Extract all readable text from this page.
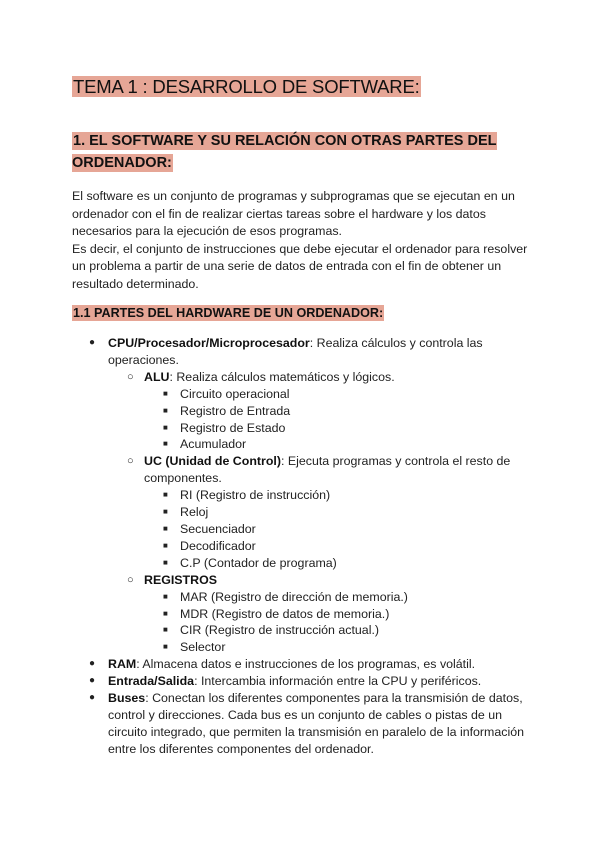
TEMA 1 : DESARROLLO DE SOFTWARE:
1. EL SOFTWARE Y SU RELACIÓN CON OTRAS PARTES DEL ORDENADOR:

El software es un conjunto de programas y subprogramas que se ejecutan en un ordenador con el fin de realizar ciertas tareas sobre el hardware y los datos necesarios para la ejecución de esos programas.

Es decir, el conjunto de instrucciones que debe ejecutar el ordenador para resolver un problema a partir de una serie de datos de entrada con el fin de obtener un resultado determinado.

1.1 PARTES DEL HARDWARE DE UN ORDENADOR:
● CPU/Procesador/Microprocesador: Realiza cálculos y controla las operaciones.
○ ALU: Realiza cálculos matemáticos y lógicos.
■ Circuito operacional
■ Registro de Entrada
■ Registro de Estado
■ Acumulador
○ UC (Unidad de Control): Ejecuta programas y controla el resto de componentes.
■ RI (Registro de instrucción)
■ Reloj
■ Secuenciador
■ Decodificador
■ C.P (Contador de programa)
○ REGISTROS
■ MAR (Registro de dirección de memoria.)
■ MDR (Registro de datos de memoria.)
■ CIR (Registro de instrucción actual.)
■ Selector
● RAM: Almacena datos e instrucciones de los programas, es volátil.
● Entrada/Salida: Intercambia información entre la CPU y periféricos.
● Buses: Conectan los diferentes componentes para la transmisión de datos, control y direcciones. Cada bus es un conjunto de cables o pistas de un circuito integrado, que permiten la transmisión en paralelo de la información entre los diferentes componentes del ordenador.
